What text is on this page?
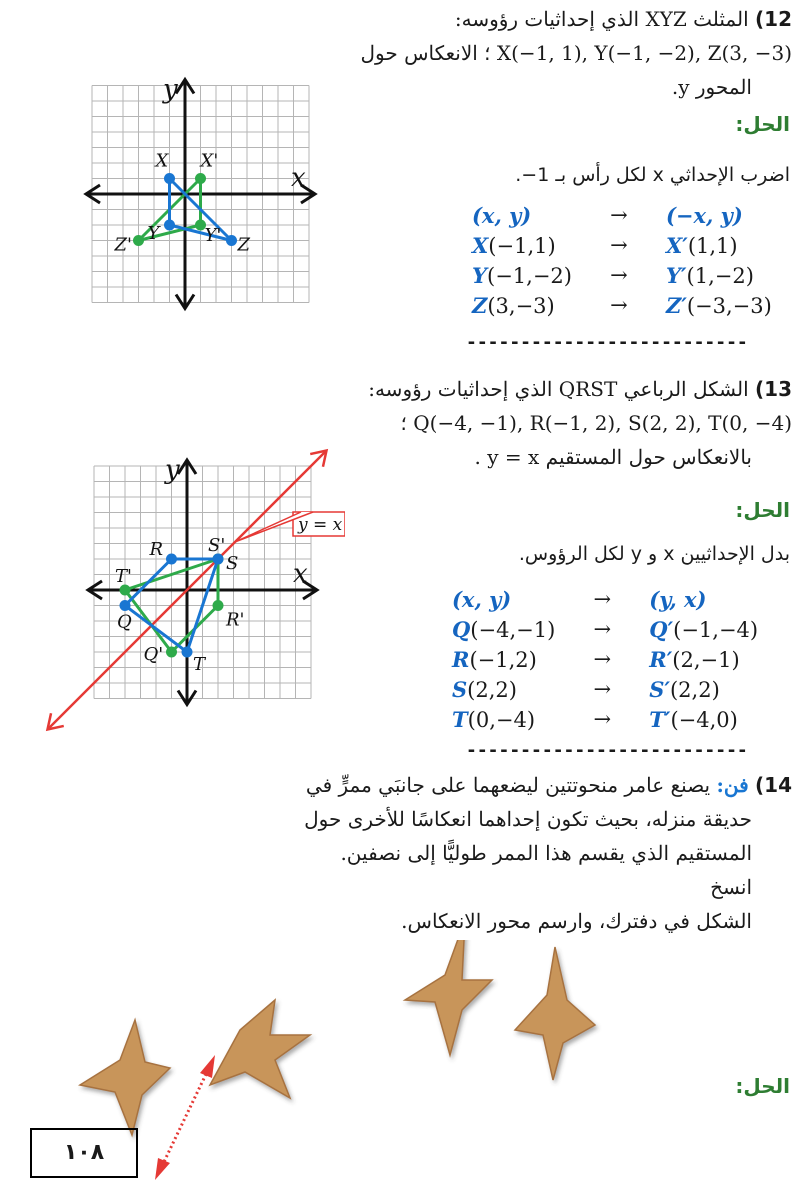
12) المثلث XYZ الذي إحداثيات رؤوسه:
X(−1, 1), Y(−1, −2), Z(3, −3) ؛ الانعكاس حول
المحور y.
الحل:
اضرب الإحداثي x لكل رأس بـ 1−.
(x, y)	→	(−x, y)
X(−1,1)	→	X′(1,1)
Y(−1,−2)	→	Y′(1,−2)
Z(3,−3)	→	Z′(−3,−3)
--------------------------
x
y
X X'
Y	Y' Z
Z'
13) الشكل الرباعي QRST الذي إحداثيات رؤوسه:
Q(−4, −1), R(−1, 2), S(2, 2), T(0, −4) ؛
بالانعكاس حول المستقيم y = x .
الحل:
بدل الإحداثيين x و y لكل الرؤوس.
(x, y)	→	(y, x)
Q(−4,−1)	→	Q′(−1,−4)
R(−1,2)	→	R′(2,−1)
S(2,2)	→	S′(2,2)
T(0,−4)	→	T′(−4,0)
--------------------------
x
y
Q
Q'
R
R'
S
S'
T
T'
y = x
14) فن: يصنع عامر منحوتتين ليضعهما على جانبَي ممرٍّ في
حديقة منزله، بحيث تكون إحداهما انعكاسًا للأخرى حول
المستقيم الذي يقسم هذا الممر طوليًّا إلى نصفين. انسخ
الشكل في دفترك، وارسم محور الانعكاس.
الحل:
١٠٨
